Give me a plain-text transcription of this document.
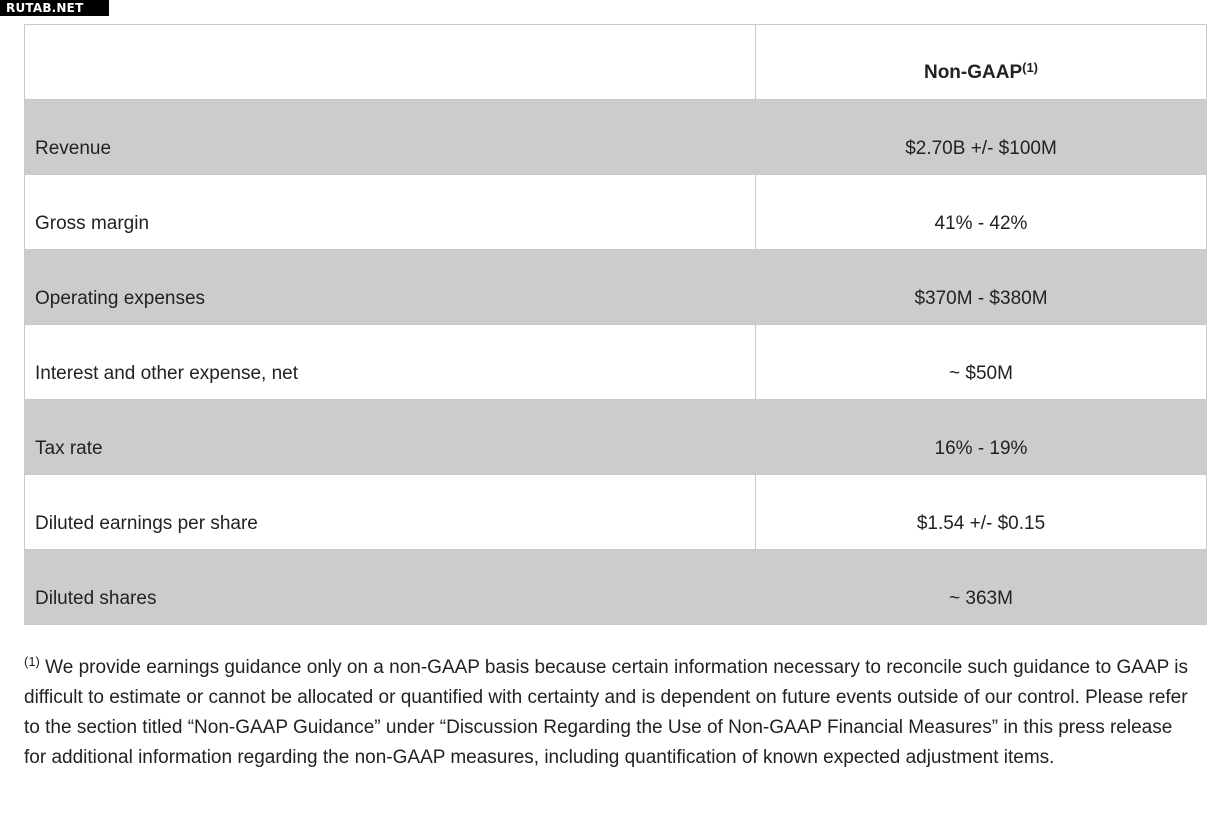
RUTAB.NET

	Non-GAAP$^{(1)}$

Revenue	$2.70B +/- $100M

Gross margin	41% - 42%

Operating expenses	$370M - $380M

Interest and other expense, net	~ $50M

Tax rate	16% - 19%

Diluted earnings per share	$1.54 +/- $0.15

Diluted shares	~ 363M

$^{(1)}$ We provide earnings guidance only on a non-GAAP basis because certain information necessary to reconcile such guidance to GAAP is difficult to estimate or cannot be allocated or quantified with certainty and is dependent on future events outside of our control. Please refer to the section titled “Non-GAAP Guidance” under “Discussion Regarding the Use of Non-GAAP Financial Measures” in this press release for additional information regarding the non-GAAP measures, including quantification of known expected adjustment items.
